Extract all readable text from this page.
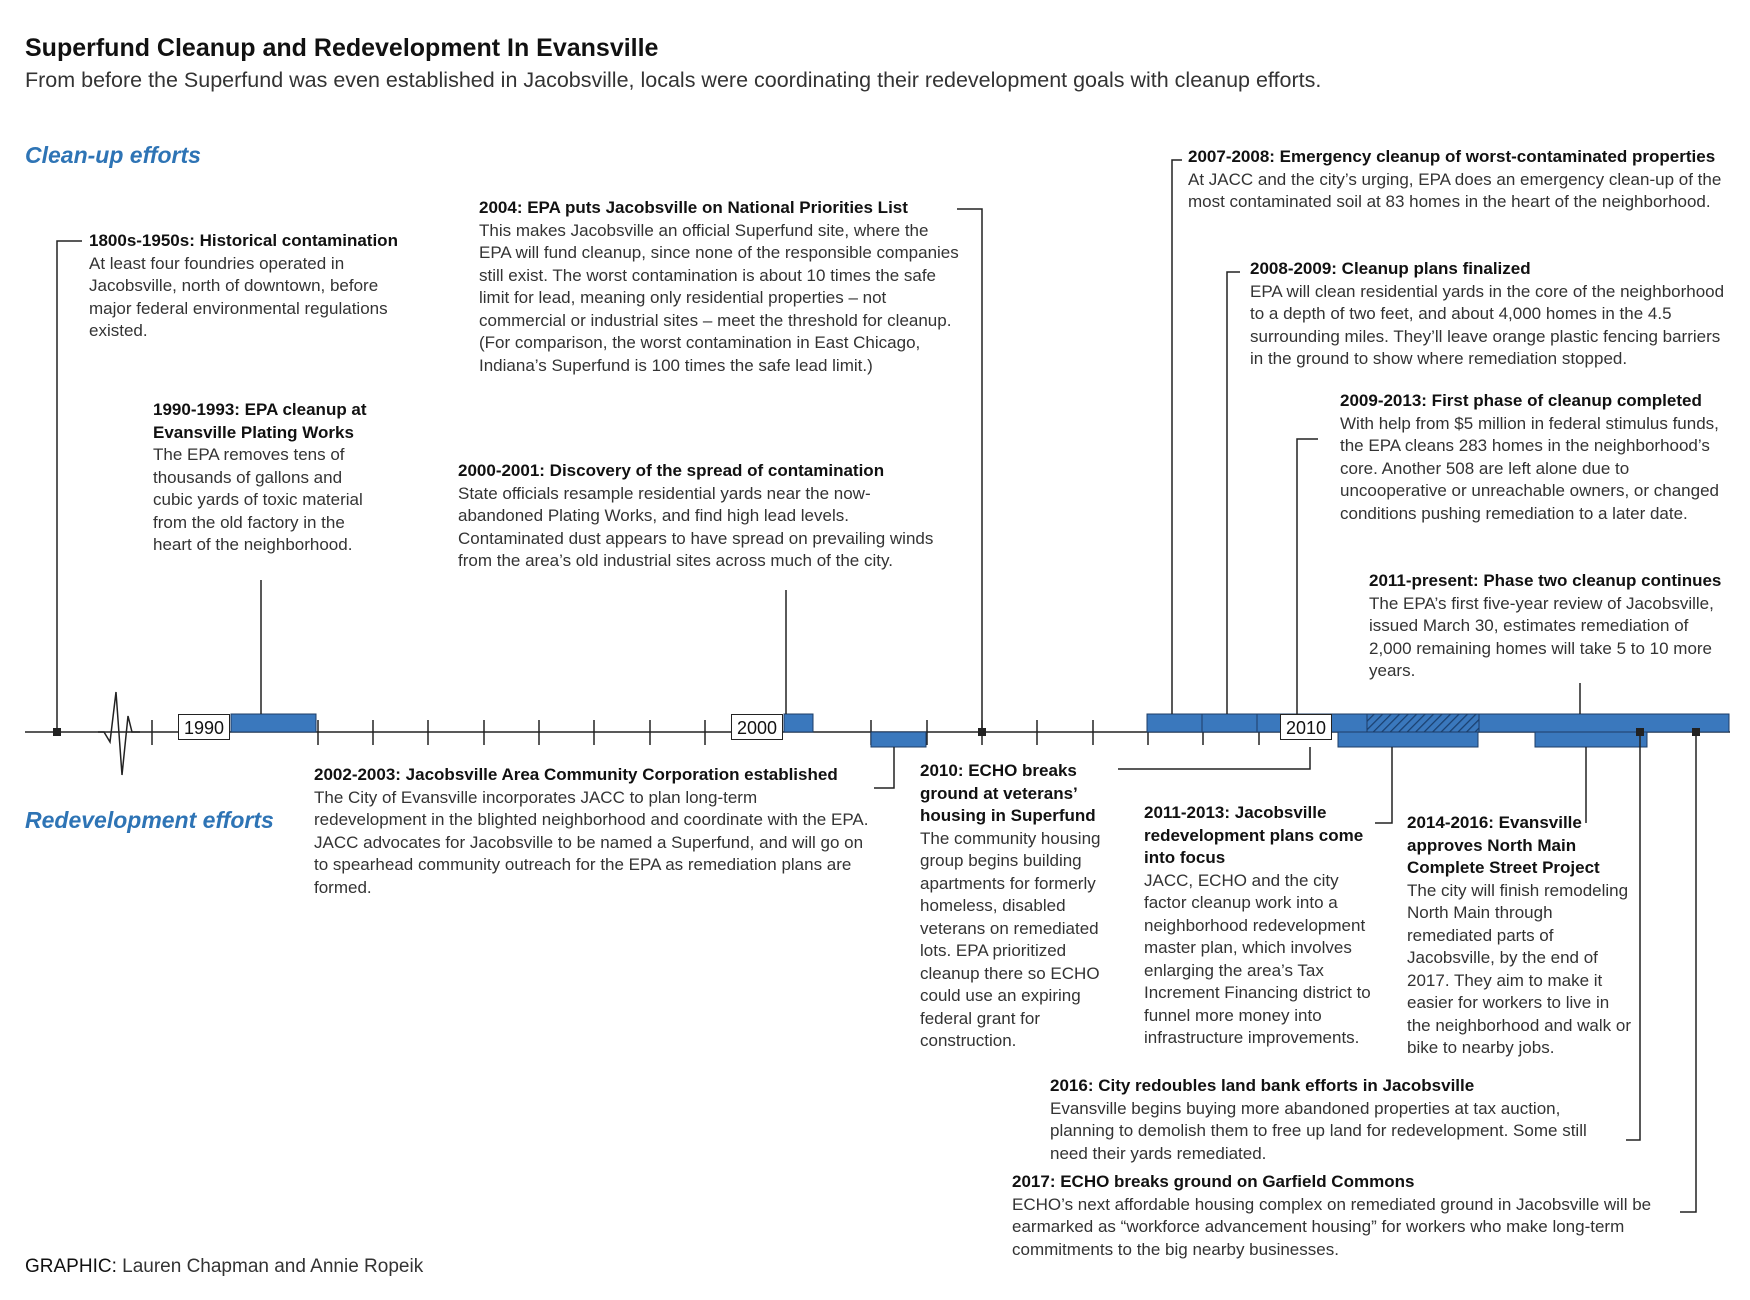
Superfund Cleanup and Redevelopment In Evansville
From before the Superfund was even established in Jacobsville, locals were coordinating their redevelopment goals with cleanup efforts.
Clean-up efforts
Redevelopment efforts
1990	2000	2010
1800s-1950s: Historical contamination
At least four foundries operated in Jacobsville, north of downtown, before major federal environmental regulations existed.
1990-1993: EPA cleanup at Evansville Plating Works
The EPA removes tens of thousands of gallons and cubic yards of toxic material from the old factory in the heart of the neighborhood.
2004: EPA puts Jacobsville on National Priorities List
This makes Jacobsville an official Superfund site, where the EPA will fund cleanup, since none of the responsible companies still exist. The worst contamination is about 10 times the safe limit for lead, meaning only residential properties – not commercial or industrial sites – meet the threshold for cleanup. (For comparison, the worst contamination in East Chicago, Indiana’s Superfund is 100 times the safe lead limit.)
2000-2001: Discovery of the spread of contamination
State officials resample residential yards near the now-abandoned Plating Works, and find high lead levels. Contaminated dust appears to have spread on prevailing winds from the area’s old industrial sites across much of the city.
2007-2008: Emergency cleanup of worst-contaminated properties
At JACC and the city’s urging, EPA does an emergency clean-up of the most contaminated soil at 83 homes in the heart of the neighborhood.
2008-2009: Cleanup plans finalized
EPA will clean residential yards in the core of the neighborhood to a depth of two feet, and about 4,000 homes in the 4.5 surrounding miles. They’ll leave orange plastic fencing barriers in the ground to show where remediation stopped.
2009-2013: First phase of cleanup completed
With help from $5 million in federal stimulus funds, the EPA cleans 283 homes in the neighborhood’s core. Another 508 are left alone due to uncooperative or unreachable owners, or changed conditions pushing remediation to a later date.
2011-present: Phase two cleanup continues
The EPA’s first five-year review of Jacobsville, issued March 30, estimates remediation of 2,000 remaining homes will take 5 to 10 more years.
2002-2003: Jacobsville Area Community Corporation established
The City of Evansville incorporates JACC to plan long-term redevelopment in the blighted neighborhood and coordinate with the EPA. JACC advocates for Jacobsville to be named a Superfund, and will go on to spearhead community outreach for the EPA as remediation plans are formed.
2010: ECHO breaks ground at veterans’ housing in Superfund
The community housing group begins building apartments for formerly homeless, disabled veterans on remediated lots. EPA prioritized cleanup there so ECHO could use an expiring federal grant for construction.
2011-2013: Jacobsville redevelopment plans come into focus
JACC, ECHO and the city factor cleanup work into a neighborhood redevelopment master plan, which involves enlarging the area’s Tax Increment Financing district to funnel more money into infrastructure improvements.
2014-2016: Evansville approves North Main Complete Street Project
The city will finish remodeling North Main through remediated parts of Jacobsville, by the end of 2017. They aim to make it easier for workers to live in the neighborhood and walk or bike to nearby jobs.
2016: City redoubles land bank efforts in Jacobsville
Evansville begins buying more abandoned properties at tax auction, planning to demolish them to free up land for redevelopment. Some still need their yards remediated.
2017: ECHO breaks ground on Garfield Commons
ECHO’s next affordable housing complex on remediated ground in Jacobsville will be earmarked as “workforce advancement housing” for workers who make long-term commitments to the big nearby businesses.
GRAPHIC: Lauren Chapman and Annie Ropeik
